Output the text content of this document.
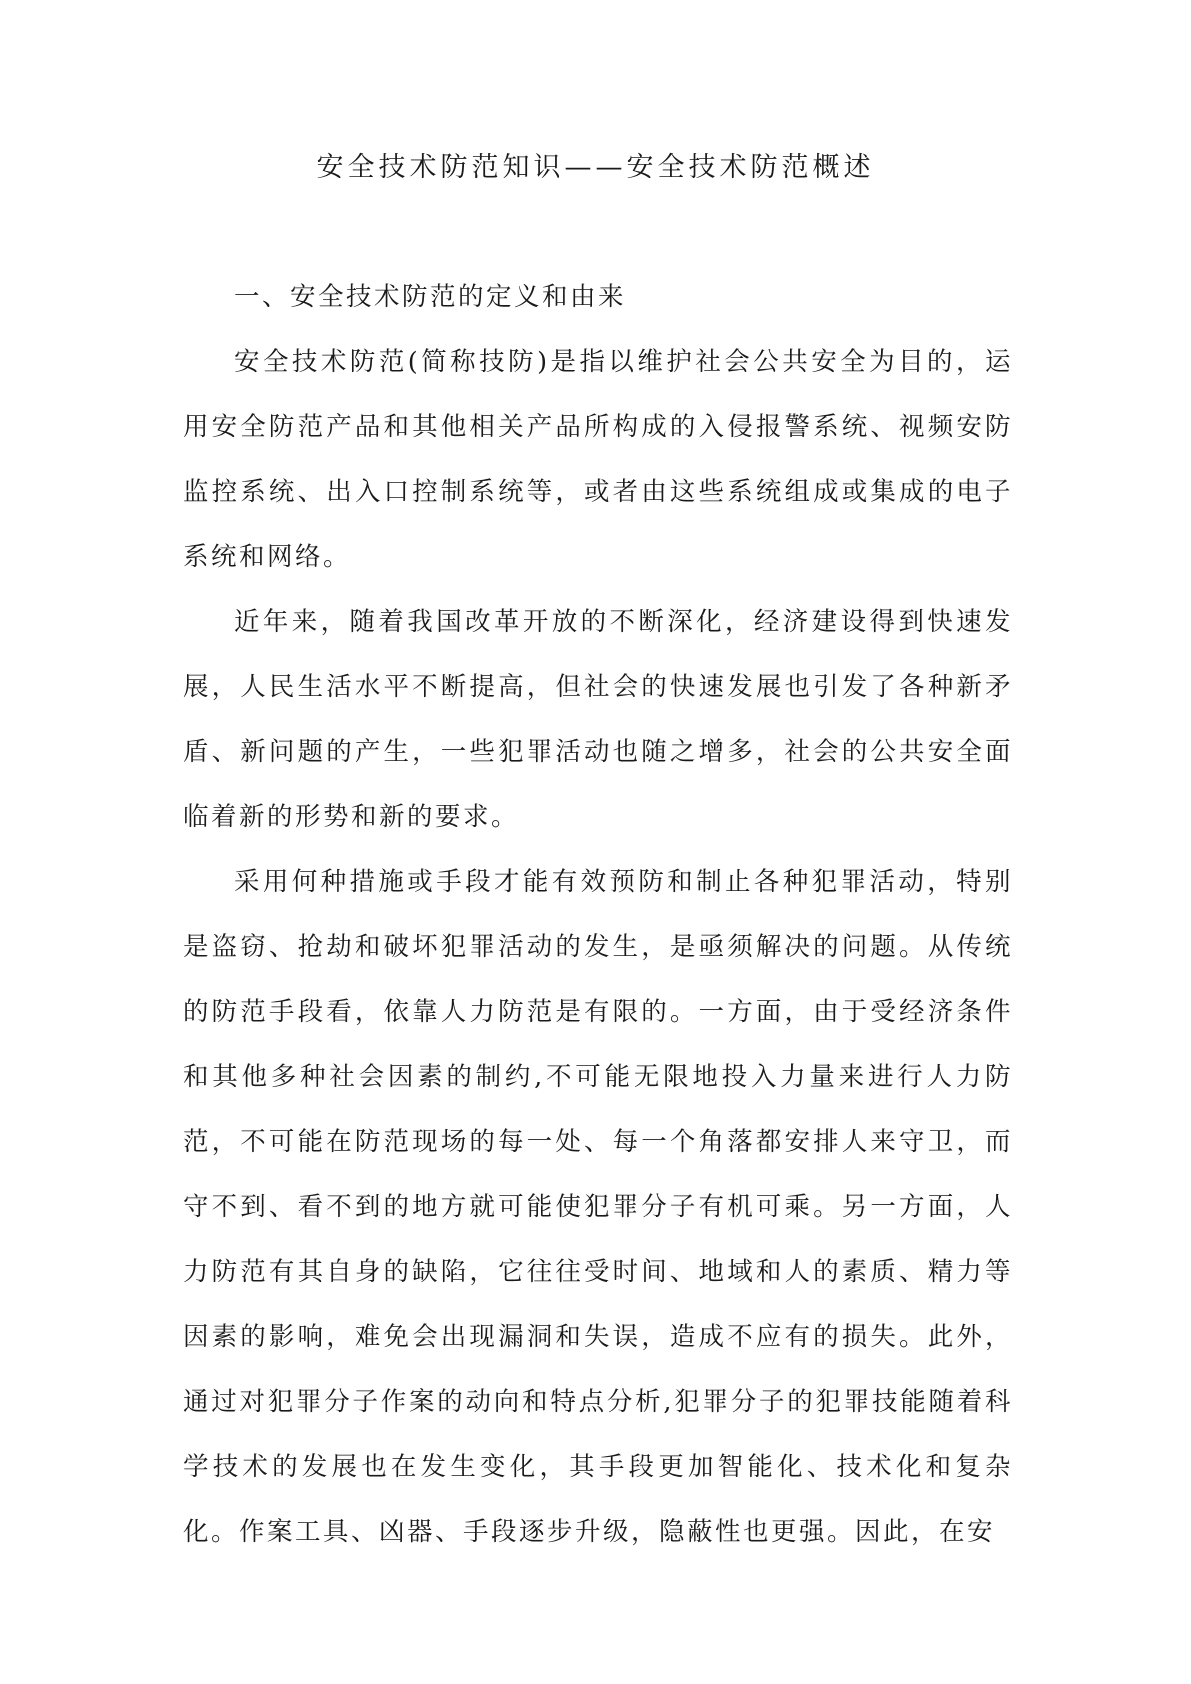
安全技术防范知识——安全技术防范概述

一、安全技术防范的定义和由来

安全技术防范(简称技防)是指以维护社会公共安全为目的，运用安全防范产品和其他相关产品所构成的入侵报警系统、视频安防监控系统、出入口控制系统等，或者由这些系统组成或集成的电子系统和网络。

近年来，随着我国改革开放的不断深化，经济建设得到快速发展，人民生活水平不断提高，但社会的快速发展也引发了各种新矛盾、新问题的产生，一些犯罪活动也随之增多，社会的公共安全面临着新的形势和新的要求。

采用何种措施或手段才能有效预防和制止各种犯罪活动，特别是盗窃、抢劫和破坏犯罪活动的发生，是亟须解决的问题。从传统的防范手段看，依靠人力防范是有限的。一方面，由于受经济条件和其他多种社会因素的制约,不可能无限地投入力量来进行人力防范，不可能在防范现场的每一处、每一个角落都安排人来守卫，而守不到、看不到的地方就可能使犯罪分子有机可乘。另一方面，人力防范有其自身的缺陷，它往往受时间、地域和人的素质、精力等因素的影响，难免会出现漏洞和失误，造成不应有的损失。此外，通过对犯罪分子作案的动向和特点分析,犯罪分子的犯罪技能随着科学技术的发展也在发生变化，其手段更加智能化、技术化和复杂化。作案工具、凶器、手段逐步升级，隐蔽性也更强。因此，在安
